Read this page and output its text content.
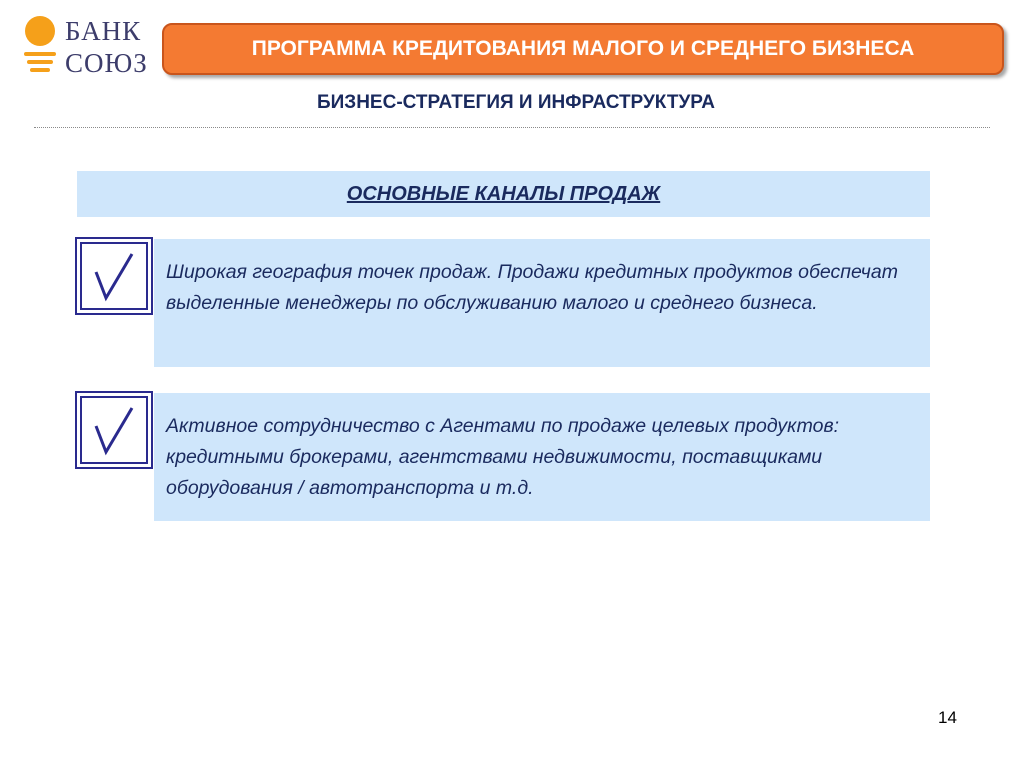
БАНК
СОЮЗ	ПРОГРАММА КРЕДИТОВАНИЯ МАЛОГО И СРЕДНЕГО БИЗНЕСА
БИЗНЕС-СТРАТЕГИЯ И ИНФРАСТРУКТУРА
ОСНОВНЫЕ КАНАЛЫ ПРОДАЖ
Широкая география точек продаж. Продажи кредитных продуктов обеспечат выделенные менеджеры по обслуживанию малого и среднего бизнеса.
Активное сотрудничество с Агентами по продаже целевых продуктов: кредитными брокерами, агентствами недвижимости, поставщиками оборудования / автотранспорта и т.д.
14
